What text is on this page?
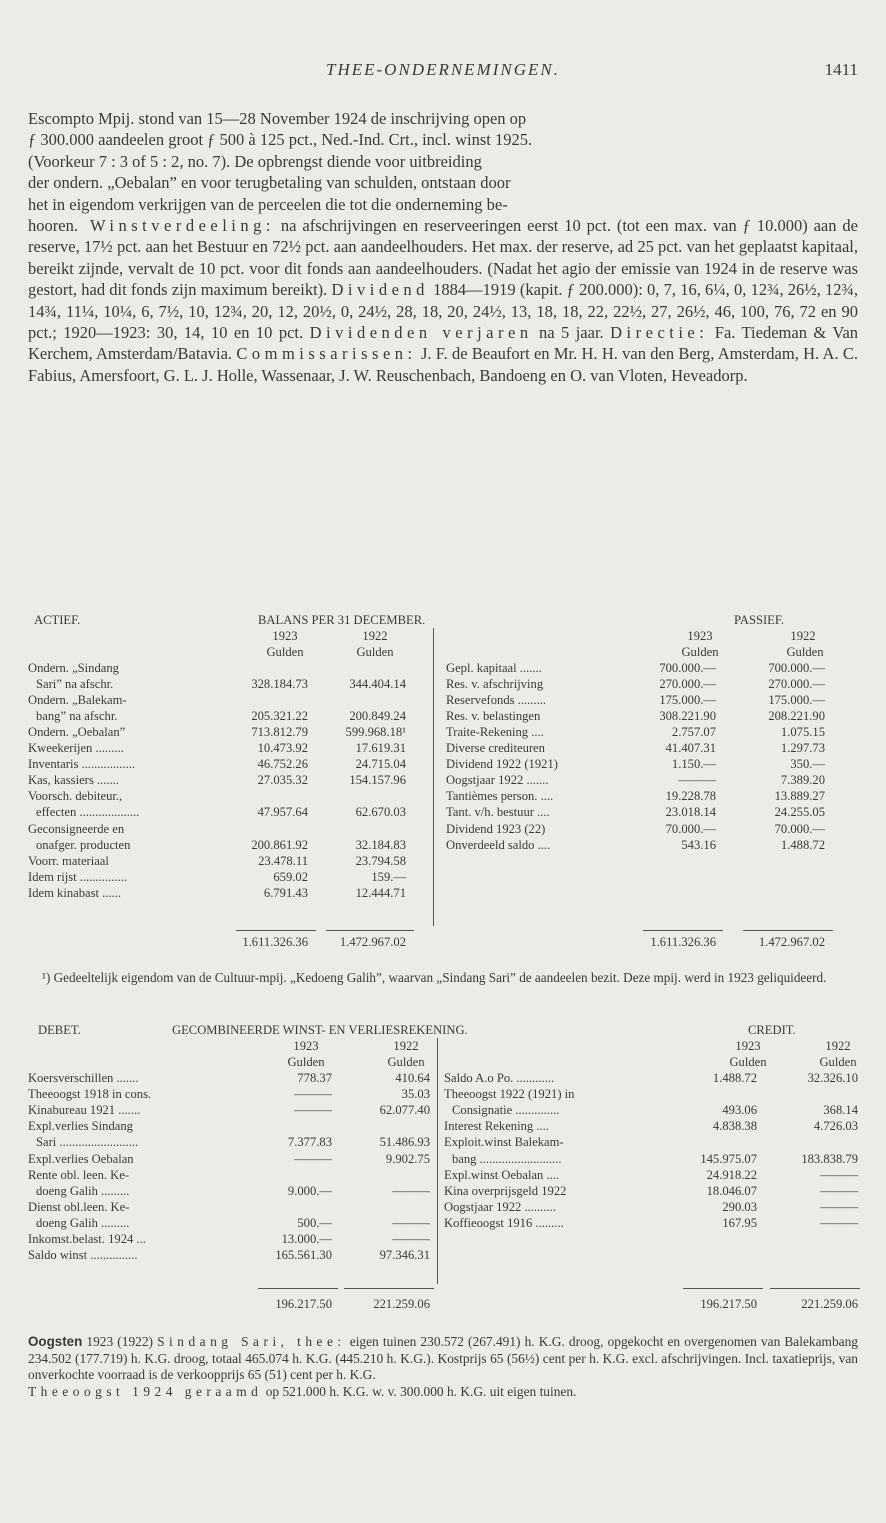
THEE-ONDERNEMINGEN.	1411

Escompto Mpij. stond van 15—28 November 1924 de inschrijving open op
ƒ 300.000 aandeelen groot ƒ 500 à 125 pct., Ned.-Ind. Crt., incl. winst 1925.
(Voorkeur 7 : 3 of 5 : 2, no. 7). De opbrengst diende voor uitbreiding
der ondern. „Oebalan” en voor terugbetaling van schulden, ontstaan door
het in eigendom verkrijgen van de perceelen die tot die onderneming be-
hooren. Winstverdeeling: na afschrijvingen en reserveeringen eerst 10 pct. (tot een max. van ƒ 10.000) aan de reserve, 17½ pct. aan het Bestuur en 72½ pct. aan aandeelhouders. Het max. der reserve, ad 25 pct. van het geplaatst kapitaal, bereikt zijnde, vervalt de 10 pct. voor dit fonds aan aandeelhouders. (Nadat het agio der emissie van 1924 in de reserve was gestort, had dit fonds zijn maximum bereikt). Dividend 1884—1919 (kapit. ƒ 200.000): 0, 7, 16, 6¼, 0, 12¾, 26½, 12¾, 14¾, 11¼, 10¼, 6, 7½, 10, 12¾, 20, 12, 20½, 0, 24½, 28, 18, 20, 24½, 13, 18, 18, 22, 22½, 27, 26½, 46, 100, 76, 72 en 90 pct.; 1920—1923: 30, 14, 10 en 10 pct. Dividenden verjaren na 5 jaar. Directie: Fa. Tiedeman & Van Kerchem, Amsterdam/Batavia. Commissarissen: J. F. de Beaufort en Mr. H. H. van den Berg, Amsterdam, H. A. C. Fabius, Amersfoort, G. L. J. Holle, Wassenaar, J. W. Reuschenbach, Bandoeng en O. van Vloten, Heveadorp.

ACTIEF.	BALANS PER 31 DECEMBER.	PASSIEF.
1923	1922
Gulden	Gulden
1923	1922
Gulden	Gulden
Ondern. „Sindang
Sari” na afschr.	328.184.73	344.404.14
Ondern. „Balekam-
bang” na afschr.	205.321.22	200.849.24
Ondern. „Oebalan”	713.812.79	599.968.18¹
Kweekerijen .........	10.473.92	17.619.31
Inventaris .................	46.752.26	24.715.04
Kas, kassiers .......	27.035.32	154.157.96
Voorsch. debiteur.,
effecten ...................	47.957.64	62.670.03
Geconsigneerde en
onafger. producten	200.861.92	32.184.83
Voorr. materiaal	23.478.11	23.794.58
Idem rijst ...............	659.02	159.—
Idem kinabast ......	6.791.43	12.444.71
Gepl. kapitaal .......	700.000.—	700.000.—
Res. v. afschrijving	270.000.—	270.000.—
Reservefonds .........	175.000.—	175.000.—
Res. v. belastingen	308.221.90	208.221.90
Traite-Rekening ....	2.757.07	1.075.15
Diverse crediteuren	41.407.31	1.297.73
Dividend 1922 (1921)	1.150.—	350.—
Oogstjaar 1922 .......	———	7.389.20
Tantièmes person. ....	19.228.78	13.889.27
Tant. v/h. bestuur ....	23.018.14	24.255.05
Dividend 1923 (22)	70.000.—	70.000.—
Onverdeeld saldo ....	543.16	1.488.72
1.611.326.36	1.472.967.02	1.611.326.36	1.472.967.02
¹) Gedeeltelijk eigendom van de Cultuur-mpij. „Kedoeng Galih”, waarvan „Sindang Sari” de aandeelen bezit. Deze mpij. werd in 1923 geliquideerd.
DEBET.	GECOMBINEERDE WINST- EN VERLIESREKENING.	CREDIT.
1923	1922
Gulden	Gulden
1923	1922
Gulden	Gulden
Koersverschillen .......	778.37	410.64
Theeoogst 1918 in cons.	———	35.03
Kinabureau 1921 .......	———	62.077.40
Expl.verlies Sindang
Sari .........................	7.377.83	51.486.93
Expl.verlies Oebalan	———	9.902.75
Rente obl. leen. Ke-
doeng Galih .........	9.000.—	———
Dienst obl.leen. Ke-
doeng Galih .........	500.—	———
Inkomst.belast. 1924 ...	13.000.—	———
Saldo winst ...............	165.561.30	97.346.31
Saldo A.o Po. ............	1.488.72	32.326.10
Theeoogst 1922 (1921) in
Consignatie ..............	493.06	368.14
Interest Rekening ....	4.838.38	4.726.03
Exploit.winst Balekam-
bang ..........................	145.975.07	183.838.79
Expl.winst Oebalan ....	24.918.22	———
Kina overprijsgeld 1922	18.046.07	———
Oogstjaar 1922 ..........	290.03	———
Koffieoogst 1916 .........	167.95	———
196.217.50	221.259.06	196.217.50	221.259.06
Oogsten 1923 (1922) Sindang Sari, thee: eigen tuinen 230.572 (267.491) h. K.G. droog, opgekocht en overgenomen van Balekambang 234.502 (177.719) h. K.G. droog, totaal 465.074 h. K.G. (445.210 h. K.G.). Kostprijs 65 (56½) cent per h. K.G. excl. afschrijvingen. Incl. taxatieprijs, van onverkochte voorraad is de verkoopprijs 65 (51) cent per h. K.G.
Theeoogst 1924 geraamd op 521.000 h. K.G. w. v. 300.000 h. K.G. uit eigen tuinen.
